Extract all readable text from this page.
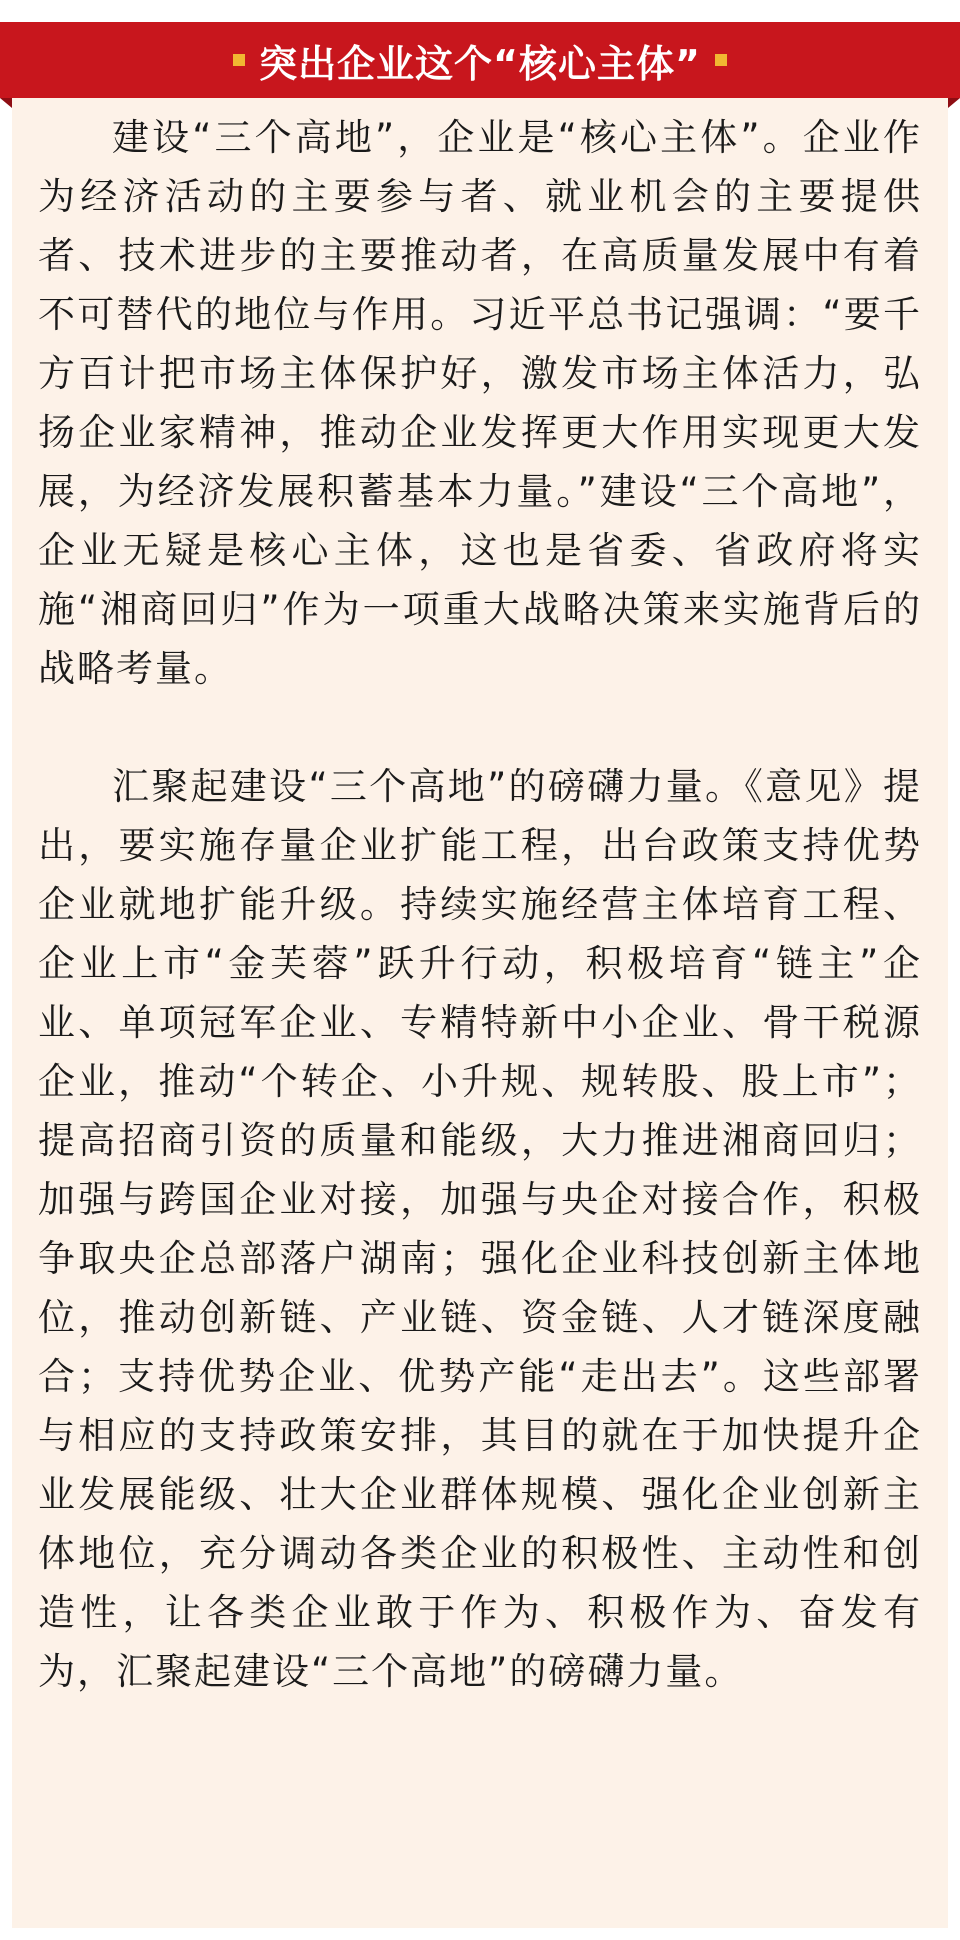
突出企业这个“核心主体”

建设“三个高地”，企业是“核心主体”。企业作为经济活动的主要参与者、就业机会的主要提供者、技术进步的主要推动者，在高质量发展中有着不可替代的地位与作用。习近平总书记强调：“要千方百计把市场主体保护好，激发市场主体活力，弘扬企业家精神，推动企业发挥更大作用实现更大发展，为经济发展积蓄基本力量。”建设“三个高地”，企业无疑是核心主体，这也是省委、省政府将实施“湘商回归”作为一项重大战略决策来实施背后的战略考量。

汇聚起建设“三个高地”的磅礴力量。《意见》提出，要实施存量企业扩能工程，出台政策支持优势企业就地扩能升级。持续实施经营主体培育工程、企业上市“金芙蓉”跃升行动，积极培育“链主”企业、单项冠军企业、专精特新中小企业、骨干税源企业，推动“个转企、小升规、规转股、股上市”；提高招商引资的质量和能级，大力推进湘商回归；加强与跨国企业对接，加强与央企对接合作，积极争取央企总部落户湖南；强化企业科技创新主体地位，推动创新链、产业链、资金链、人才链深度融合；支持优势企业、优势产能“走出去”。这些部署与相应的支持政策安排，其目的就在于加快提升企业发展能级、壮大企业群体规模、强化企业创新主体地位，充分调动各类企业的积极性、主动性和创造性，让各类企业敢于作为、积极作为、奋发有为，汇聚起建设“三个高地”的磅礴力量。
